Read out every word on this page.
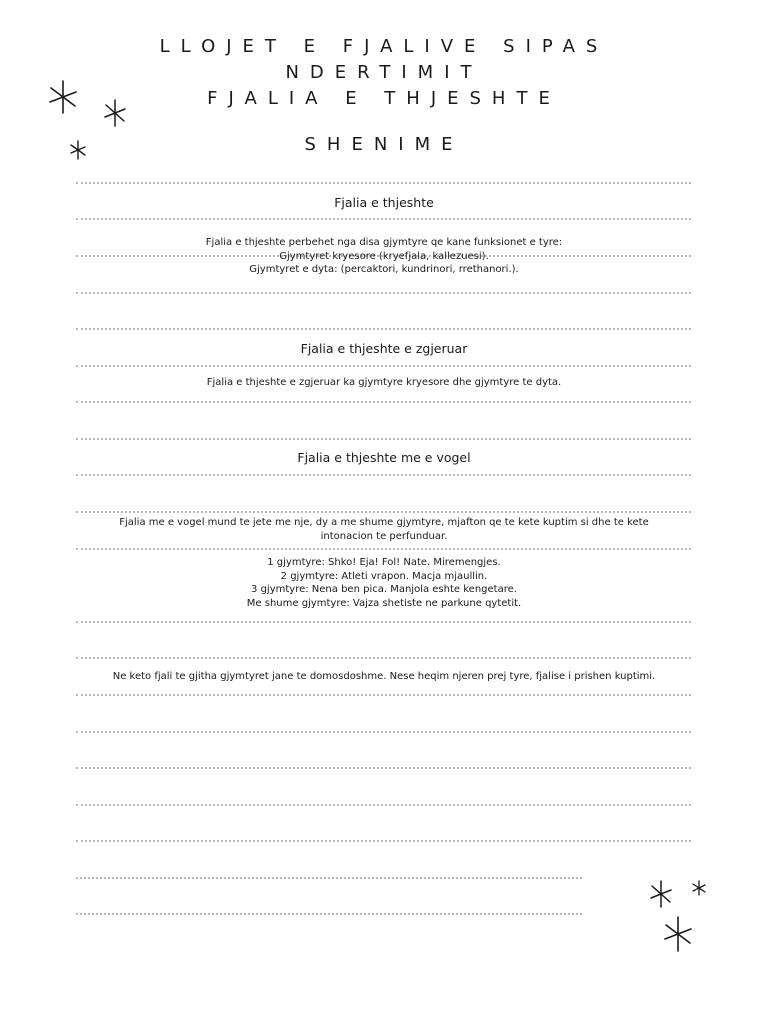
LLOJET E FJALIVE SIPAS
NDERTIMIT
FJALIA E THJESHTE
SHENIME
Fjalia e thjeshte
Fjalia e thjeshte perbehet nga disa gjymtyre qe kane funksionet e tyre:
Gjymtyret kryesore (kryefjala, kallezuesi).
Gjymtyret e dyta: (percaktori, kundrinori, rrethanori.).
Fjalia e thjeshte e zgjeruar
Fjalia e thjeshte e zgjeruar ka gjymtyre kryesore dhe gjymtyre te dyta.
Fjalia e thjeshte me e vogel
Fjalia me e vogel mund te jete me nje, dy a me shume gjymtyre, mjafton qe te kete kuptim si dhe te kete intonacion te perfunduar.
1 gjymtyre: Shko! Eja! Fol! Nate. Miremengjes.
2 gjymtyre: Atleti vrapon. Macja mjaullin.
3 gjymtyre: Nena ben pica. Manjola eshte kengetare.
Me shume gjymtyre: Vajza shetiste ne parkune qytetit.
Ne keto fjali te gjitha gjymtyret jane te domosdoshme. Nese heqim njeren prej tyre, fjalise i prishen kuptimi.
